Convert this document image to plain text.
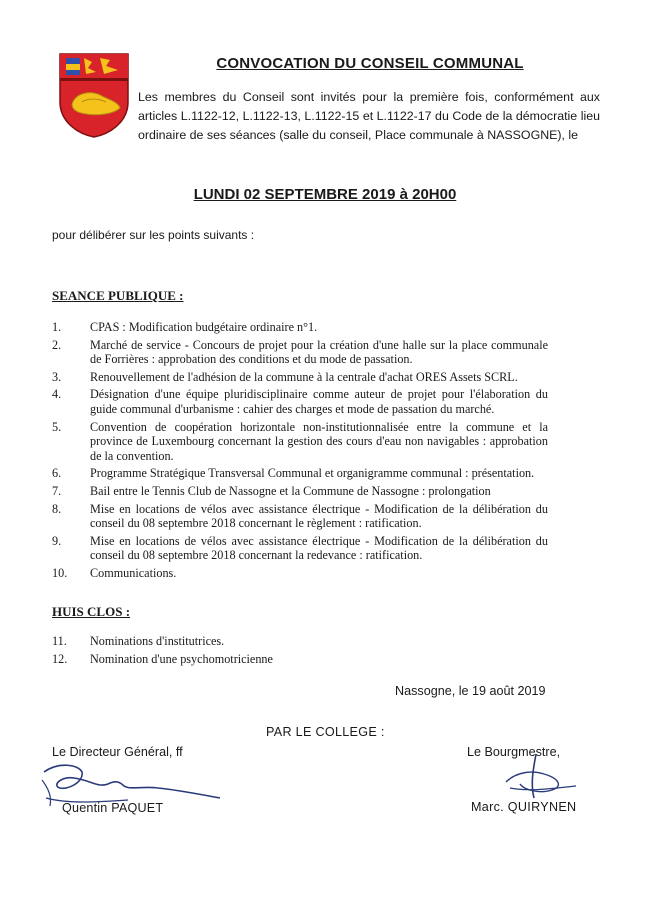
CONVOCATION DU CONSEIL COMMUNAL
Les membres du Conseil sont invités pour la première fois, conformément aux articles L.1122-12, L.1122-13, L.1122-15 et L.1122-17 du Code de la démocratie lieu ordinaire de ses séances (salle du conseil, Place communale à NASSOGNE), le
LUNDI 02 SEPTEMBRE 2019 à 20H00
pour délibérer sur les points suivants :
SEANCE PUBLIQUE :
1.	CPAS : Modification budgétaire ordinaire n°1.
2.	Marché de service - Concours de projet pour la création d'une halle sur la place communale de Forrières : approbation des conditions et du mode de passation.
3.	Renouvellement de l'adhésion de la commune à la centrale d'achat ORES Assets SCRL.
4.	Désignation d'une équipe pluridisciplinaire comme auteur de projet pour l'élaboration du guide communal d'urbanisme : cahier des charges et mode de passation du marché.
5.	Convention de coopération horizontale non-institutionnalisée entre la commune et la province de Luxembourg concernant la gestion des cours d'eau non navigables : approbation de la convention.
6.	Programme Stratégique Transversal Communal et organigramme communal : présentation.
7.	Bail entre le Tennis Club de Nassogne et la Commune de Nassogne : prolongation
8.	Mise en locations de vélos avec assistance électrique - Modification de la délibération du conseil du 08 septembre 2018 concernant le règlement : ratification.
9.	Mise en locations de vélos avec assistance électrique - Modification de la délibération du conseil du 08 septembre 2018 concernant la redevance : ratification.
10.	Communications.
HUIS CLOS :
11.	Nominations d'institutrices.
12.	Nomination d'une psychomotricienne
Nassogne, le 19 août 2019
PAR LE COLLEGE :
Le Directeur Général, ff
Quentin PAQUET
Le Bourgmestre,
Marc. QUIRYNEN
